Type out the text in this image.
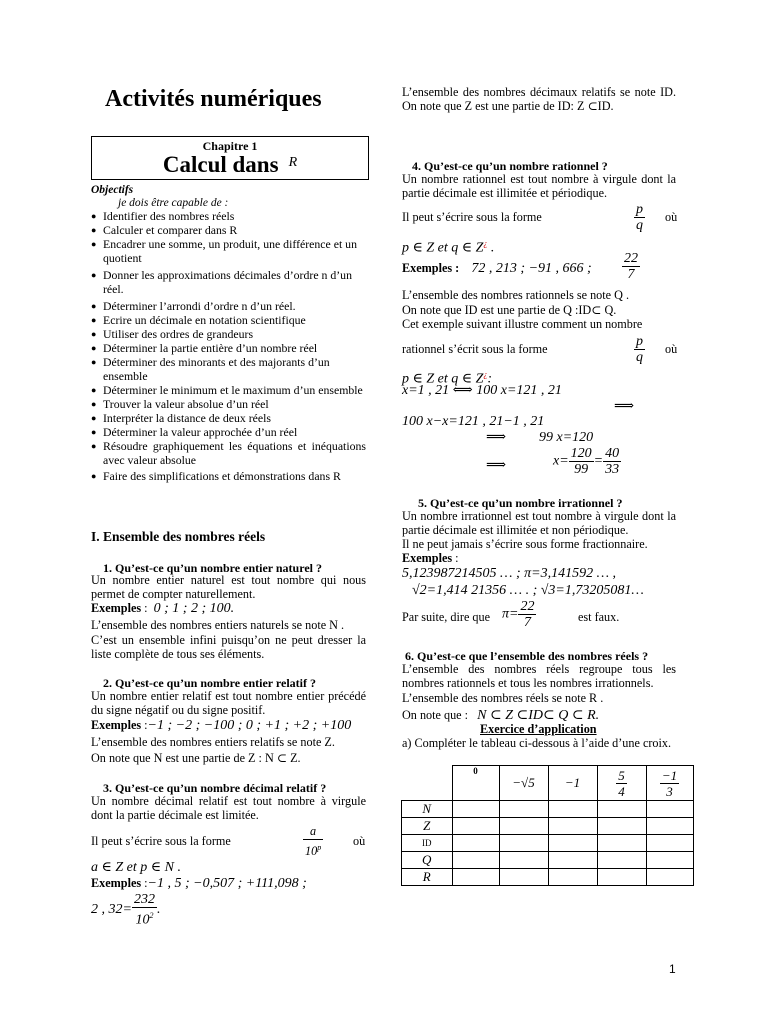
Activités numériques
Chapitre 1
Calcul dans $^R$
Objectifs
je dois être capable de :
● Identifier des nombres réels
● Calculer et comparer dans R
● Encadrer une somme, un produit, une différence et un quotient
● Donner les approximations décimales d’ordre n d’un réel.
● Déterminer l’arrondi d’ordre n d’un réel.
● Ecrire un décimale en notation scientifique
● Utiliser des ordres de grandeurs
● Déterminer la partie entière d’un nombre réel
● Déterminer des minorants et des majorants d’un ensemble
● Déterminer le minimum et le maximum d’un ensemble
● Trouver la valeur absolue d’un réel
● Interpréter la distance de deux réels
● Déterminer la valeur approchée d’un réel
● Résoudre graphiquement les équations et inéquations avec valeur absolue
● Faire des simplifications et démonstrations dans R
I. Ensemble des nombres réels
1. Qu’est-ce qu’un nombre entier naturel ?
Un nombre entier naturel est tout nombre qui nous permet de compter naturellement.
Exemples :  0 ; 1 ; 2 ; 100.
L’ensemble des nombres entiers naturels se note N .
C’est un ensemble infini puisqu’on ne peut dresser la liste complète de tous ses éléments.
2. Qu’est-ce qu’un nombre entier relatif ?
Un nombre entier relatif est tout nombre entier précédé du signe négatif ou du signe positif.
Exemples :−1 ; −2 ; −100 ; 0 ; +1 ; +2 ; +100
L’ensemble des nombres entiers relatifs se note Z.
On note que N est une partie de Z : N ⊂ Z.
3. Qu’est-ce qu’un nombre décimal relatif ?
Un nombre décimal relatif est tout nombre à virgule dont la partie décimale est limitée.
Il peut s’écrire sous la forme	$\frac{a}{10^p}$ où
a ∈ Z et p ∈ N .
Exemples :−1 , 5 ; −0,507 ; +111,098 ;
2 , $32= \frac{232}{10^2}$ .
L’ensemble des nombres décimaux relatifs se note ID. On note que Z est une partie de ID: Z ⊂ID.
4. Qu’est-ce qu’un nombre rationnel ?
Un nombre rationnel est tout nombre à virgule dont la partie décimale est illimitée et périodique.
Il peut s’écrire sous la forme	$\frac{p}{q}$ où
p ∈ Z et q ∈ Z¿ .
Exemples : 72 , 213 ; −91 , 666 ; $\frac{22}{7}$
L’ensemble des nombres rationnels se note Q .
On note que ID est une partie de Q :ID⊂ Q.
Cet exemple suivant illustre comment un nombre
rationnel s’écrit sous la forme	$\frac{p}{q}$ où
p ∈ Z et q ∈ Z¿:
x=1 , 21 ⟺ 100 x=121 , 21
⟹
100 x−x=121 , 21−1 , 21
⟹ 99 x=120
⟹	$x= \frac{120}{99} = \frac{40}{33}$
5. Qu’est-ce qu’un nombre irrationnel ?
Un nombre irrationnel est tout nombre à virgule dont la partie décimale est illimitée et non périodique.
Il ne peut jamais s’écrire sous forme fractionnaire.
Exemples :
5,123987214505 … ; π=3,141592 … ,
√2=1,414 21356 … . ; √3=1,73205081…
Par suite, dire que $\pi= \frac{22}{7}$	est faux.
6. Qu’est-ce que l’ensemble des nombres réels ?
L’ensemble des nombres réels regroupe tous les nombres rationnels et tous les nombres irrationnels.
L’ensemble des nombres réels se note R .
On note que : N ⊂ Z ⊂ID⊂ Q ⊂ R.
Exercice d’application
a) Compléter le tableau ci-dessous à l’aide d’une croix.
	0	−√5	−1	$\frac{5}{4}$	$\frac{-1}{3}$

N					
Z					
ID					
Q					
R					
1
